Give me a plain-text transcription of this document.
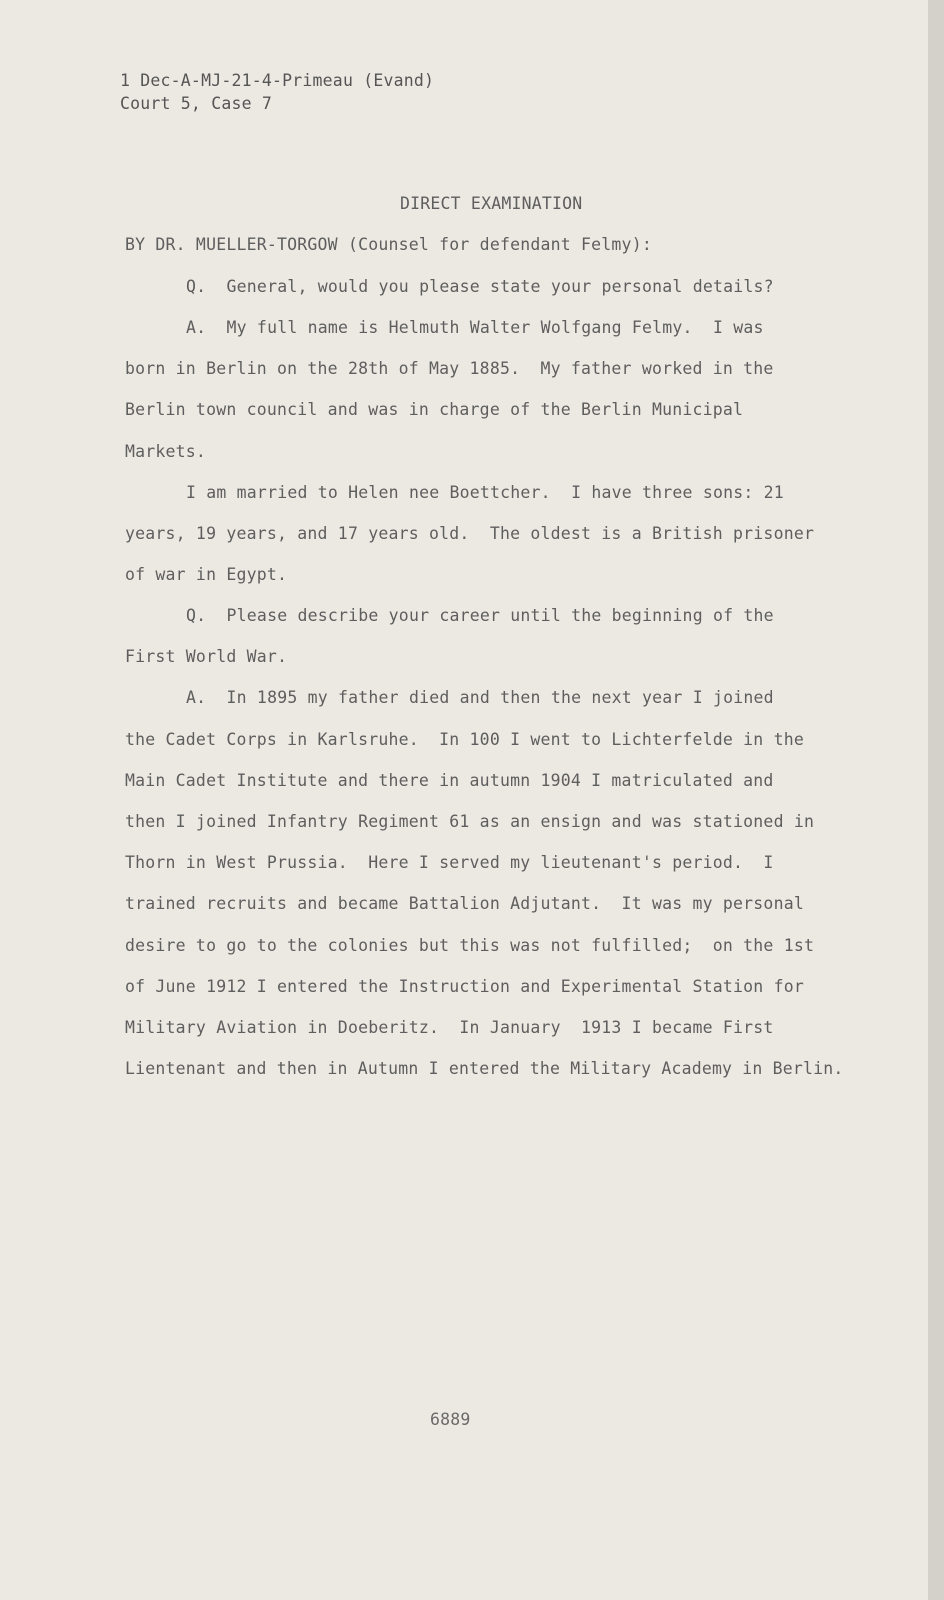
1 Dec-A-MJ-21-4-Primeau (Evand)
Court 5, Case 7
DIRECT EXAMINATION
BY DR. MUELLER-TORGOW (Counsel for defendant Felmy):
Q.  General, would you please state your personal details?
A.  My full name is Helmuth Walter Wolfgang Felmy.  I was
born in Berlin on the 28th of May 1885.  My father worked in the
Berlin town council and was in charge of the Berlin Municipal
Markets.
I am married to Helen nee Boettcher.  I have three sons: 21
years, 19 years, and 17 years old.  The oldest is a British prisoner
of war in Egypt.
Q.  Please describe your career until the beginning of the
First World War.
A.  In 1895 my father died and then the next year I joined
the Cadet Corps in Karlsruhe.  In 100 I went to Lichterfelde in the
Main Cadet Institute and there in autumn 1904 I matriculated and
then I joined Infantry Regiment 61 as an ensign and was stationed in
Thorn in West Prussia.  Here I served my lieutenant's period.  I
trained recruits and became Battalion Adjutant.  It was my personal
desire to go to the colonies but this was not fulfilled;  on the 1st
of June 1912 I entered the Instruction and Experimental Station for
Military Aviation in Doeberitz.  In January  1913 I became First
Lientenant and then in Autumn I entered the Military Academy in Berlin.
6889
